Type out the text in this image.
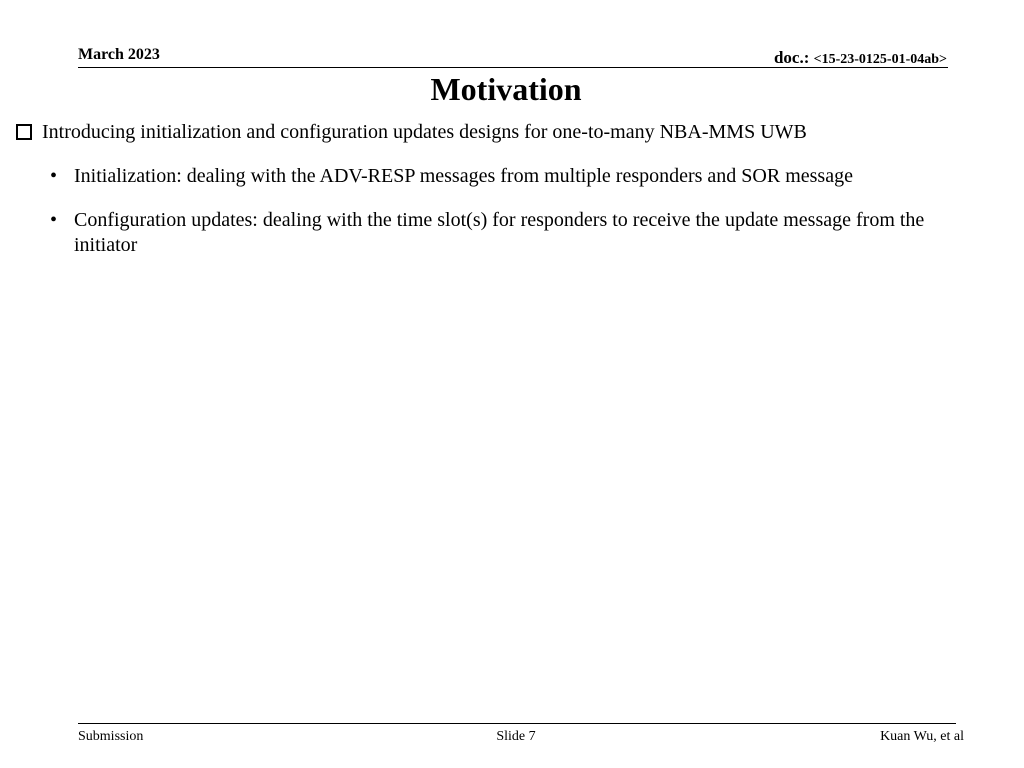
March 2023	doc.: <15-23-0125-01-04ab>
Motivation
Introducing initialization and configuration updates designs for one-to-many NBA-MMS UWB
• Initialization: dealing with the ADV-RESP messages from multiple responders and SOR message
• Configuration updates: dealing with the time slot(s) for responders to receive the update message from the initiator
Submission	Slide 7	Kuan Wu, et al
